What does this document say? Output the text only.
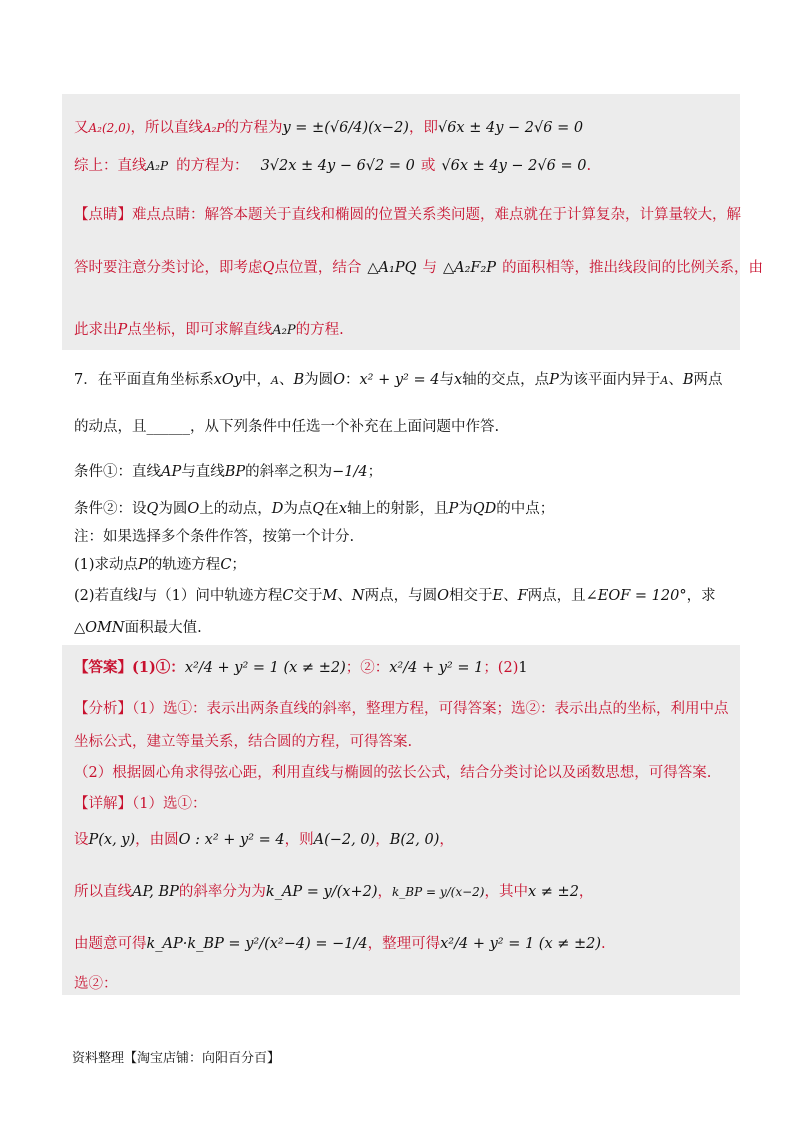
又A₂(2,0)，所以直线A₂P的方程为y = ±(√6/4)(x−2)，即√6x ± 4y − 2√6 = 0
综上：直线A₂P 的方程为： 3√2x ± 4y − 6√2 = 0 或 √6x ± 4y − 2√6 = 0.
【点睛】难点点睛：解答本题关于直线和椭圆的位置关系类问题，难点就在于计算复杂，计算量较大，解
答时要注意分类讨论，即考虑Q点位置，结合 △A₁PQ 与 △A₂F₂P 的面积相等，推出线段间的比例关系，由
此求出P点坐标，即可求解直线A₂P的方程.
7．在平面直角坐标系xOy中，A、B为圆O：x² + y² = 4与x轴的交点，点P为该平面内异于A、B两点
的动点，且______，从下列条件中任选一个补充在上面问题中作答.
条件①：直线AP与直线BP的斜率之积为−1/4；
条件②：设Q为圆O上的动点，D为点Q在x轴上的射影，且P为QD的中点；
注：如果选择多个条件作答，按第一个计分.
(1)求动点P的轨迹方程C；
(2)若直线l与（1）问中轨迹方程C交于M、N两点，与圆O相交于E、F两点，且∠EOF = 120°，求
△OMN面积最大值.
【答案】(1)①：x²/4 + y² = 1 (x ≠ ±2)；②：x²/4 + y² = 1；(2)1
【分析】（1）选①：表示出两条直线的斜率，整理方程，可得答案；选②：表示出点的坐标，利用中点
坐标公式，建立等量关系，结合圆的方程，可得答案.
（2）根据圆心角求得弦心距，利用直线与椭圆的弦长公式，结合分类讨论以及函数思想，可得答案.
【详解】（1）选①：
设P(x, y)，由圆O : x² + y² = 4，则A(−2, 0)，B(2, 0)，
所以直线AP, BP的斜率分为为k_AP = y/(x+2)，k_BP = y/(x−2)，其中x ≠ ±2，
由题意可得k_AP·k_BP = y²/(x²−4) = −1/4，整理可得x²/4 + y² = 1 (x ≠ ±2).
选②：
资料整理【淘宝店铺：向阳百分百】
